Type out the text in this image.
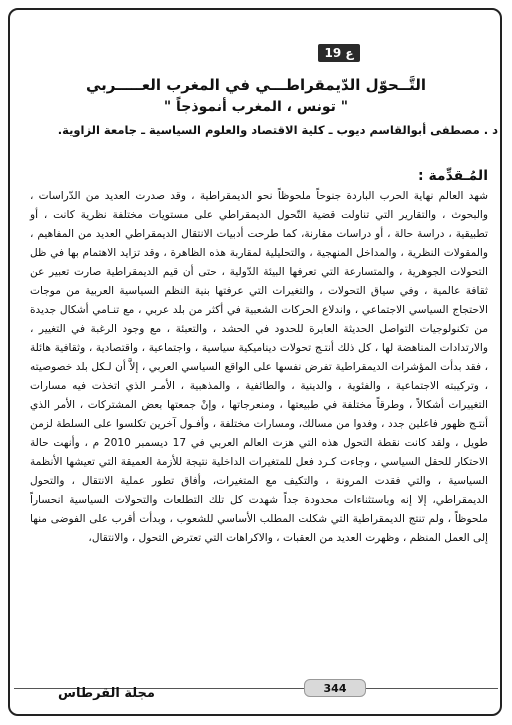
ع 19
التَّــحوّل الدّيمقراطـــي في المغرب العـــــربي
" تونس ، المغرب أنموذجاً "
د . مصطفى أبوالقاسم ديوب ـ كلية الاقتصاد والعلوم السياسية ـ جامعة الزاوية.
المُـقدِّمة :

شهد العالم نهاية الحرب الباردة جنوحاً ملحوظاً نحو الديمقراطية ، وقد صدرت العديد من الدّراسات ، والبحوث ، والتقارير التي تناولت قضية التّحول الديمقراطي على مستويات مختلفة نظرية كانت ، أو تطبيقية ، دراسة حالة ، أو دراسات مقارنة، كما طرحت أدبيات الانتقال الديمقراطي العديد من المفاهيم ، والمقولات النظرية ، والمداخل المنهجية ، والتحليلية لمقاربة هذه الظاهرة ، وقد تزايد الاهتمام بها في ظل التحولات الجوهرية ، والمتسارعة التي تعرفها البيئة الدّولية ، حتى أن قيم الديمقراطية صارت تعبير عن ثقافة عالمية ، وفي سياق التحولات ، والتغيرات التي عرفتها بنية النظم السياسية العربية من موجات الاحتجاج السياسي الاجتماعي ، واندلاع الحركات الشعبية في أكثر من بلد عربي ، مع تنـامي أشكال جديدة من تكنولوجيات التواصل الحديثة العابرة للحدود في الحشد ، والتعبئة ، مع وجود الرغبة في التغيير ، والارتدادات المناهضة لها ، كل ذلك أنتـج تحولات ديناميكية سياسية ، واجتماعية ، واقتصادية ، وثقافية هائلة ، فقد بدأت المؤشرات الديمقراطية تفرض نفسها على الواقع السياسي العربي ، إلاَّ أن لـكل بلد خصوصيته ، وتركيبته الاجتماعية ، والفئوية ، والدينية ، والطائفية ، والمذهبية ، الأمـر الذي اتخذت فيه مسارات التغييرات أشكالاً ، وطرقاً مختلفة في طبيعتها ، ومنعرجاتها ، وإنْ جمعتها بعض المشتركات ، الأمر الذي أنتـج ظهور فاعلين جدد ، وفدوا من مسالك، ومسارات مختلفة ، وأفـول آخرين تكلسوا على السلطة لزمن طويل ، ولقد كانت نقطة التحول هذه التي هزت العالم العربي في 17 ديسمبر 2010 م ، وأنهت حالة الاحتكار للحقل السياسي ، وجاءت كـرد فعل للمتغيرات الداخلية نتيجة للأزمة العميقة التي تعيشها الأنظمة السياسية ، والتي فقدت المرونة ، والتكيف مع المتغيرات، وأفاق تطور عملية الانتقال ، والتحول الديمقراطي، إلا إنه وباستثناءات محدودة جداً شهدت كل تلك التطلعات والتحولات السياسية انحساراً ملحوظاً ، ولم تنتج الديمقراطية التي شكلت المطلب الأساسي للشعوب ، وبدأت أقرب على الفوضى منها إلى العمل المنظم ، وظهرت العديد من العقبات ، والاكراهات التي تعترض التحول ، والانتقال،

344
مجلة القرطاس
